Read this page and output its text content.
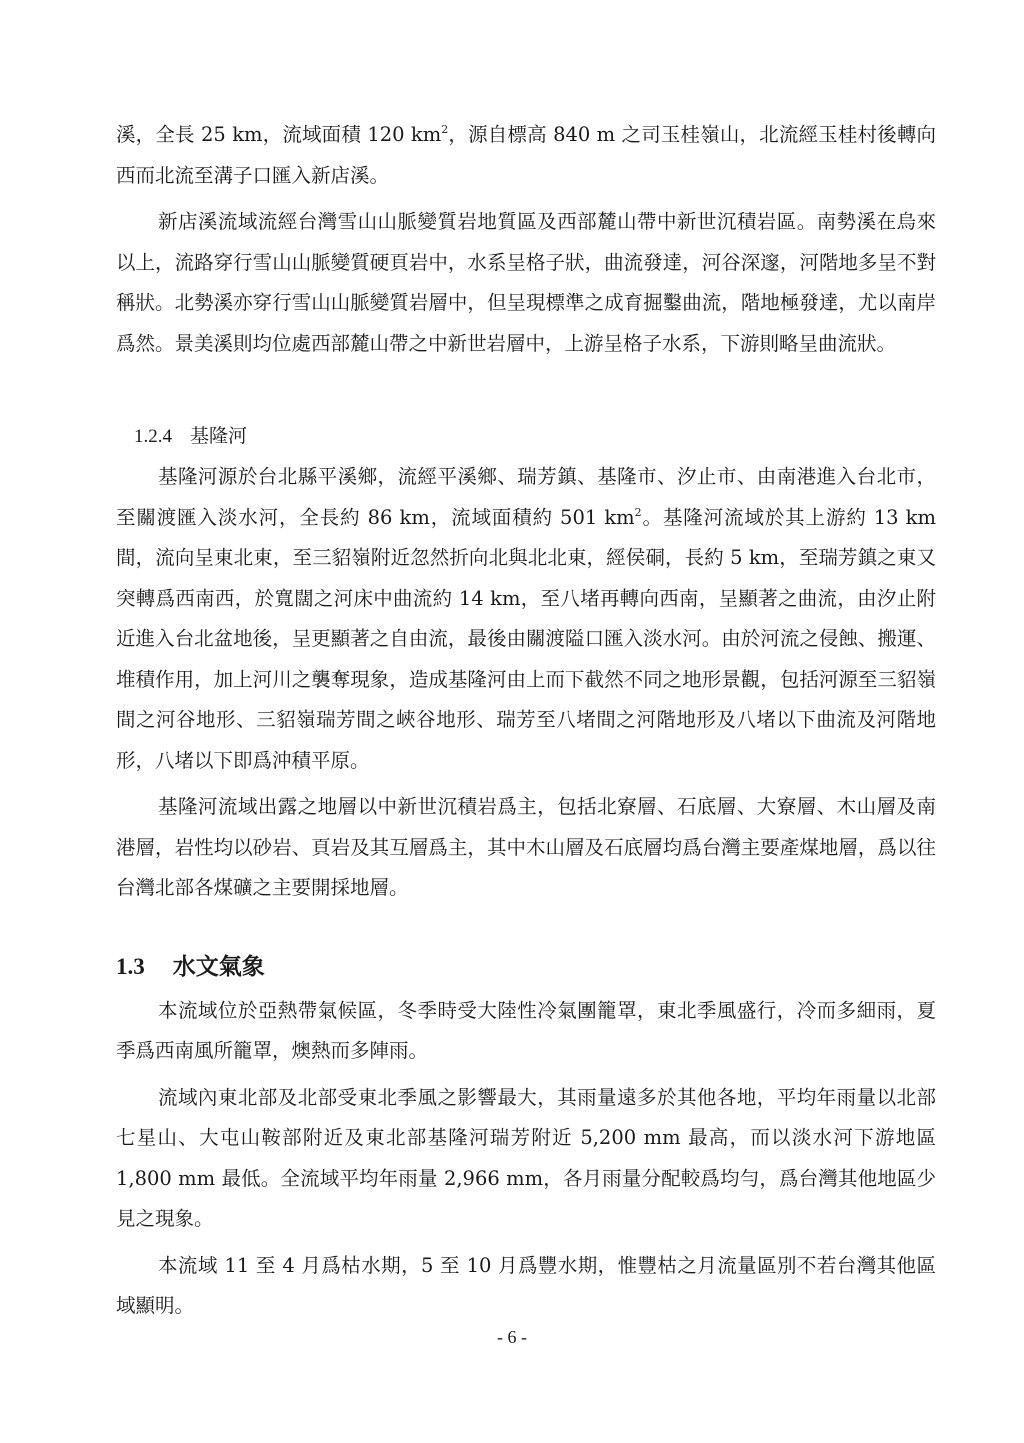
溪，全長 25 km，流域面積 120 $km^2$，源自標高 840 m 之司玉桂嶺山，北流經玉桂村後轉向西而北流至溝子口匯入新店溪。

新店溪流域流經台灣雪山山脈變質岩地質區及西部麓山帶中新世沉積岩區。南勢溪在烏來以上，流路穿行雪山山脈變質硬頁岩中，水系呈格子狀，曲流發達，河谷深邃，河階地多呈不對稱狀。北勢溪亦穿行雪山山脈變質岩層中，但呈現標準之成育掘鑿曲流，階地極發達，尤以南岸爲然。景美溪則均位處西部麓山帶之中新世岩層中，上游呈格子水系，下游則略呈曲流狀。

1.2.4 基隆河

基隆河源於台北縣平溪鄉，流經平溪鄉、瑞芳鎮、基隆市、汐止市、由南港進入台北市，至關渡匯入淡水河，全長約 86 km，流域面積約 501 $km^2$。基隆河流域於其上游約 13 km 間，流向呈東北東，至三貂嶺附近忽然折向北與北北東，經侯硐，長約 5 km，至瑞芳鎮之東又突轉爲西南西，於寬闊之河床中曲流約 14 km，至八堵再轉向西南，呈顯著之曲流，由汐止附近進入台北盆地後，呈更顯著之自由流，最後由關渡隘口匯入淡水河。由於河流之侵蝕、搬運、堆積作用，加上河川之襲奪現象，造成基隆河由上而下截然不同之地形景觀，包括河源至三貂嶺間之河谷地形、三貂嶺瑞芳間之峽谷地形、瑞芳至八堵間之河階地形及八堵以下曲流及河階地形，八堵以下即爲沖積平原。

基隆河流域出露之地層以中新世沉積岩爲主，包括北寮層、石底層、大寮層、木山層及南港層，岩性均以砂岩、頁岩及其互層爲主，其中木山層及石底層均爲台灣主要產煤地層，爲以往台灣北部各煤礦之主要開採地層。

1.3 水文氣象

本流域位於亞熱帶氣候區，冬季時受大陸性冷氣團籠罩，東北季風盛行，冷而多細雨，夏季爲西南風所籠罩，燠熱而多陣雨。

流域內東北部及北部受東北季風之影響最大，其雨量遠多於其他各地，平均年雨量以北部七星山、大屯山鞍部附近及東北部基隆河瑞芳附近 5,200 mm 最高，而以淡水河下游地區 1,800 mm 最低。全流域平均年雨量 2,966 mm，各月雨量分配較爲均勻，爲台灣其他地區少見之現象。

本流域 11 至 4 月爲枯水期，5 至 10 月爲豐水期，惟豐枯之月流量區別不若台灣其他區域顯明。

- 6 -
